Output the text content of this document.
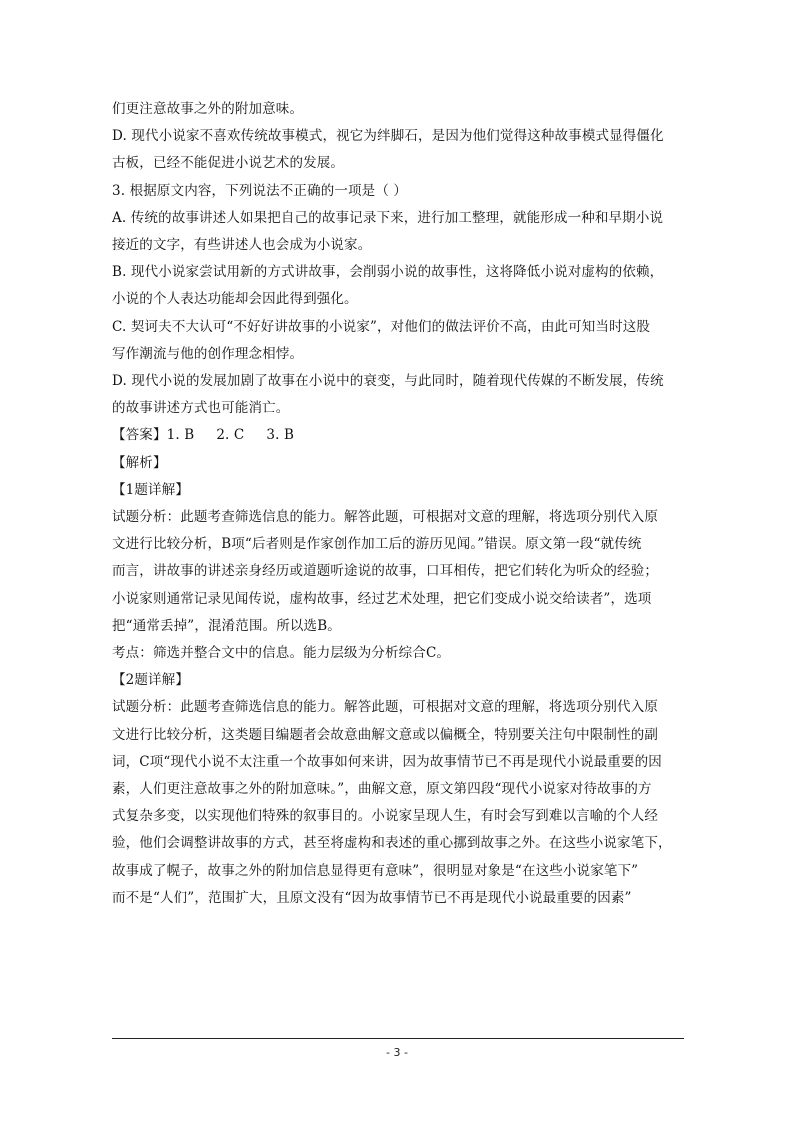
们更注意故事之外的附加意味。

D. 现代小说家不喜欢传统故事模式，视它为绊脚石，是因为他们觉得这种故事模式显得僵化

古板，已经不能促进小说艺术的发展。

3. 根据原文内容，下列说法不正确的一项是（ ）

A. 传统的故事讲述人如果把自己的故事记录下来，进行加工整理，就能形成一种和早期小说

接近的文字，有些讲述人也会成为小说家。

B. 现代小说家尝试用新的方式讲故事，会削弱小说的故事性，这将降低小说对虚构的依赖，

小说的个人表达功能却会因此得到强化。

C. 契诃夫不大认可“不好好讲故事的小说家”，对他们的做法评价不高，由此可知当时这股

写作潮流与他的创作理念相悖。

D. 现代小说的发展加剧了故事在小说中的衰变，与此同时，随着现代传媒的不断发展，传统

的故事讲述方式也可能消亡。

【答案】1. B 2. C 3. B

【解析】

【1题详解】

试题分析：此题考查筛选信息的能力。解答此题，可根据对文意的理解，将选项分别代入原

文进行比较分析，B项“后者则是作家创作加工后的游历见闻。”错误。原文第一段“就传统

而言，讲故事的讲述亲身经历或道题听途说的故事，口耳相传，把它们转化为听众的经验；

小说家则通常记录见闻传说，虚构故事，经过艺术处理，把它们变成小说交给读者”，选项

把“通常丢掉”，混淆范围。所以选B。

考点：筛选并整合文中的信息。能力层级为分析综合C。

【2题详解】

试题分析：此题考查筛选信息的能力。解答此题，可根据对文意的理解，将选项分别代入原

文进行比较分析，这类题目编题者会故意曲解文意或以偏概全，特别要关注句中限制性的副

词，C项“现代小说不太注重一个故事如何来讲，因为故事情节已不再是现代小说最重要的因

素，人们更注意故事之外的附加意味。”，曲解文意，原文第四段“现代小说家对待故事的方

式复杂多变，以实现他们特殊的叙事目的。小说家呈现人生，有时会写到难以言喻的个人经

验，他们会调整讲故事的方式，甚至将虚构和表述的重心挪到故事之外。在这些小说家笔下，

故事成了幌子，故事之外的附加信息显得更有意味”，很明显对象是“在这些小说家笔下”

而不是“人们”，范围扩大，且原文没有“因为故事情节已不再是现代小说最重要的因素”

- 3 -
